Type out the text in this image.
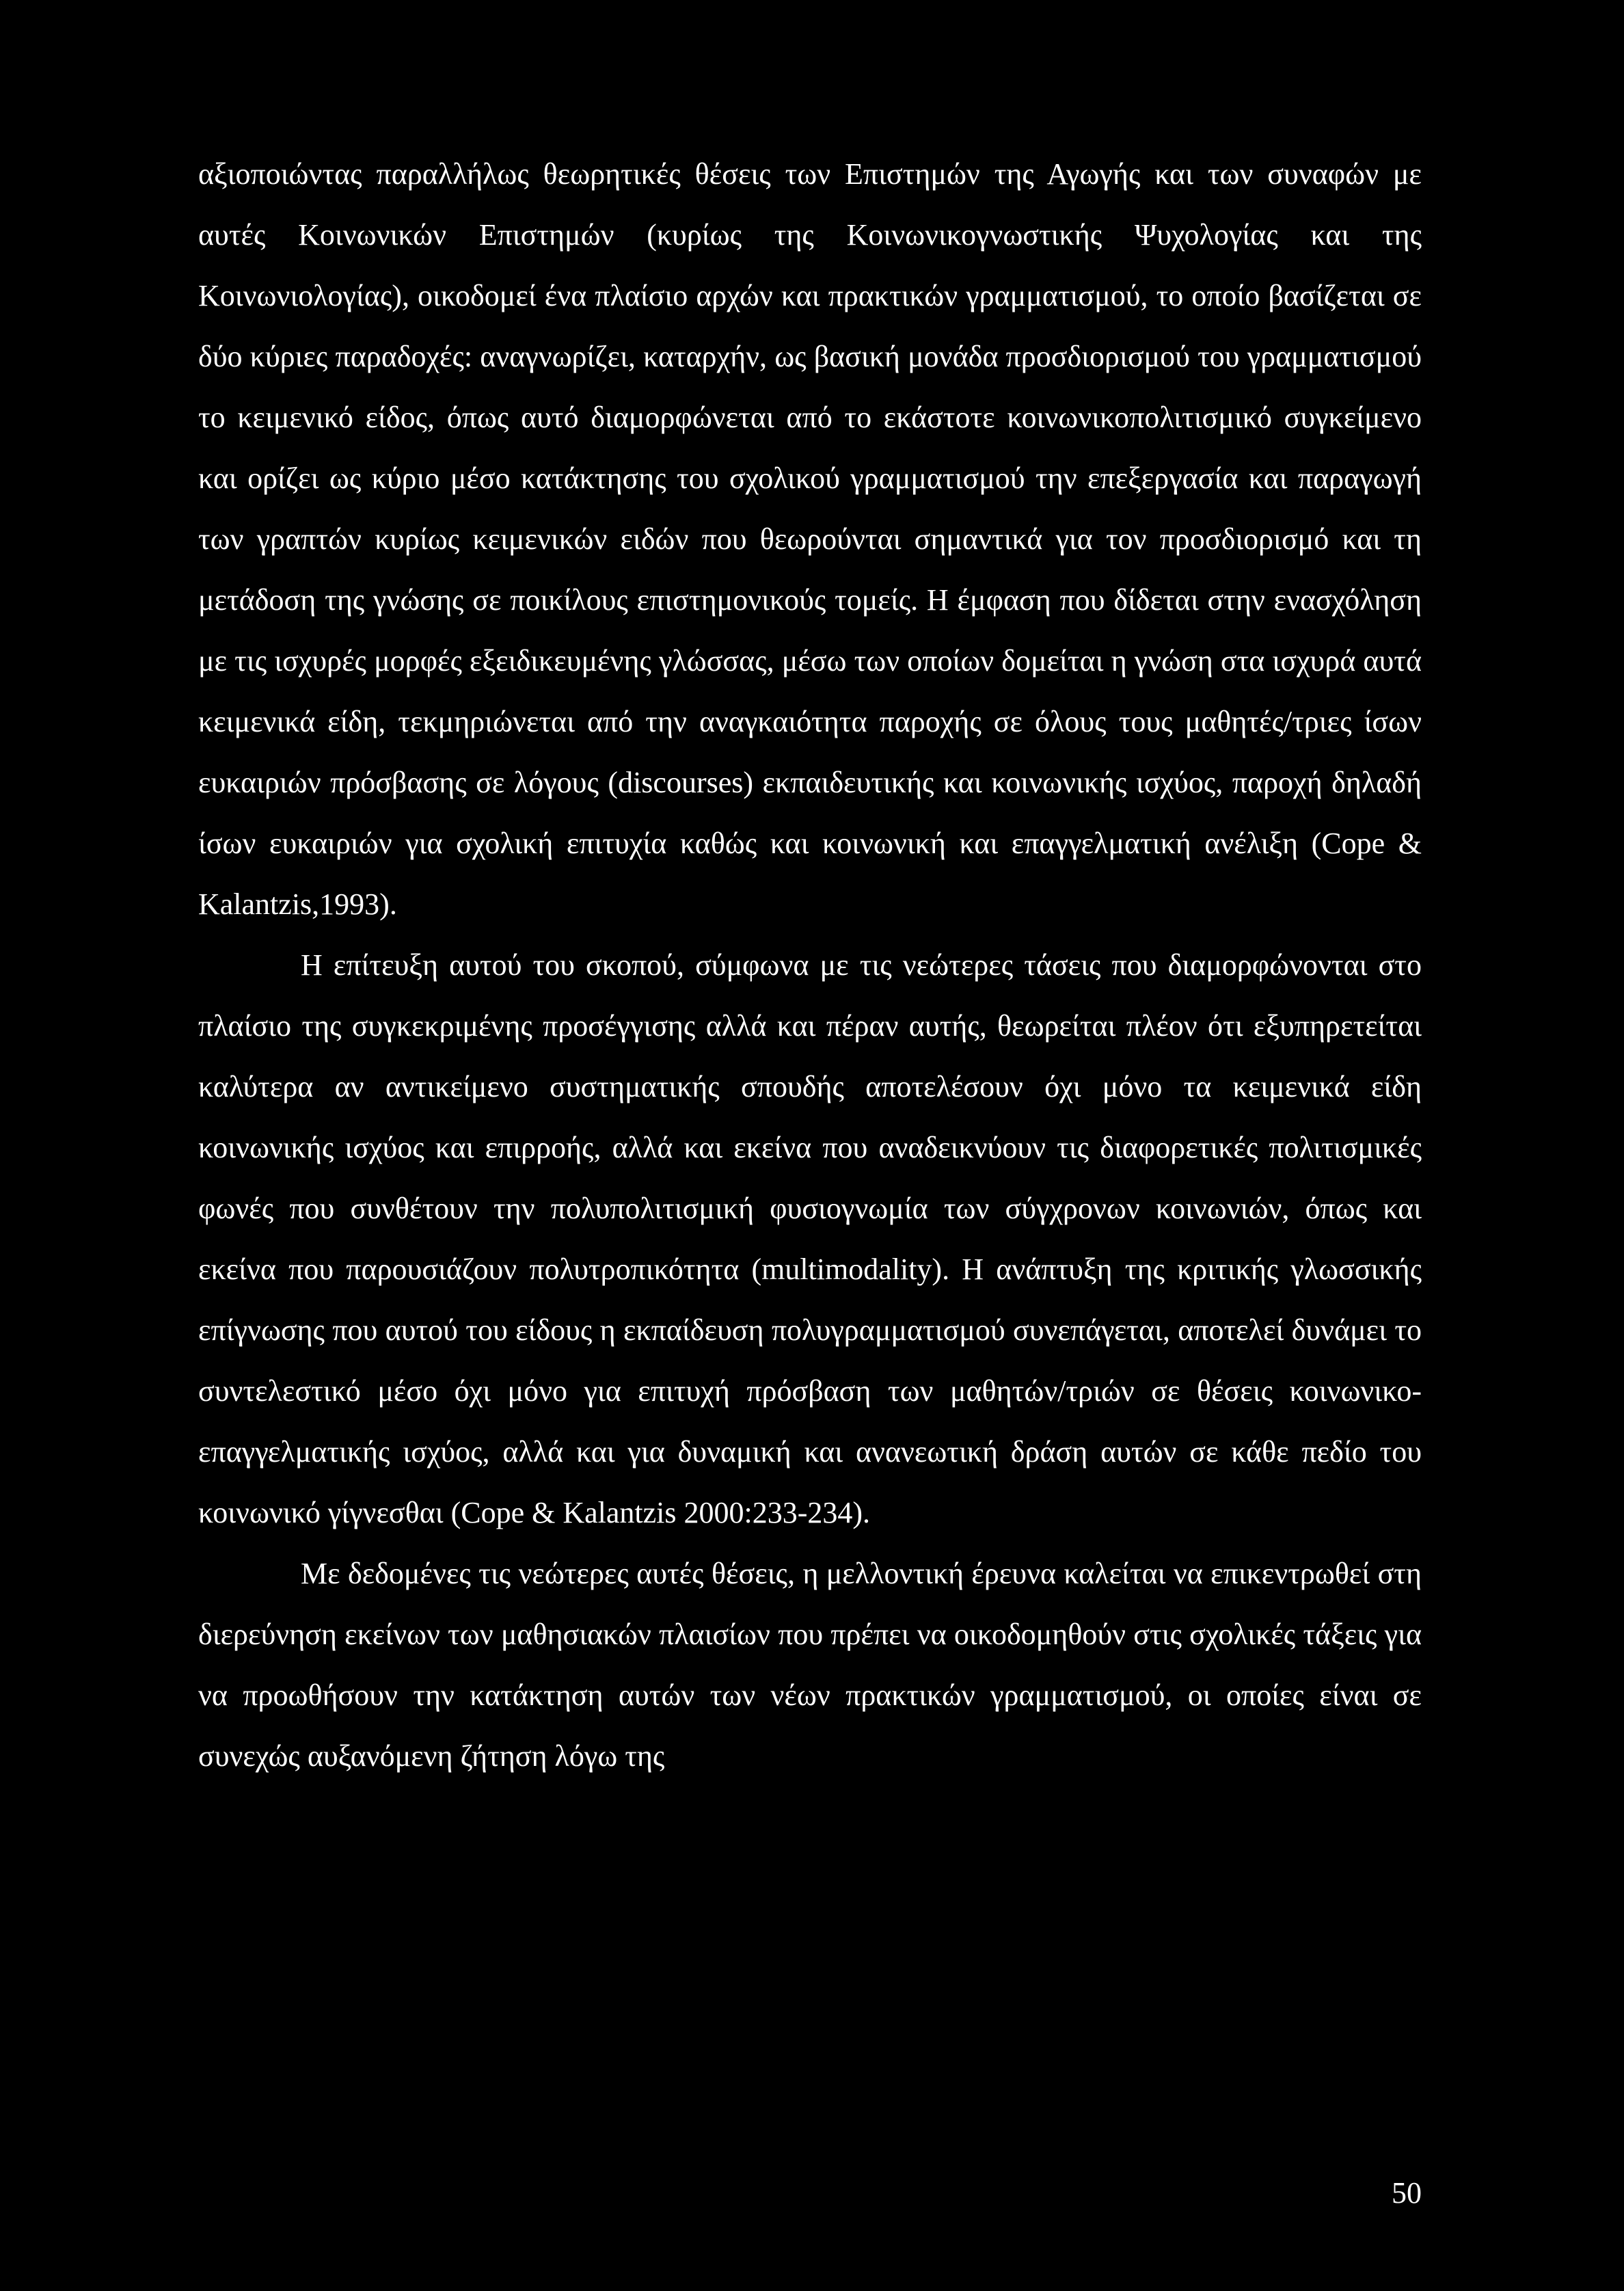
αξιοποιώντας παραλλήλως θεωρητικές θέσεις των Επιστημών της Αγωγής και των συναφών με αυτές Κοινωνικών Επιστημών (κυρίως της Κοινωνικογνωστικής Ψυχολογίας και της Κοινωνιολογίας), οικοδομεί ένα πλαίσιο αρχών και πρακτικών γραμματισμού, το οποίο βασίζεται σε δύο κύριες παραδοχές: αναγνωρίζει, καταρχήν, ως βασική μονάδα προσδιορισμού του γραμματισμού το κειμενικό είδος, όπως αυτό διαμορφώνεται από το εκάστοτε κοινωνικοπολιτισμικό συγκείμενο και ορίζει ως κύριο μέσο κατάκτησης του σχολικού γραμματισμού την επεξεργασία και παραγωγή των γραπτών κυρίως κειμενικών ειδών που θεωρούνται σημαντικά για τον προσδιορισμό και τη μετάδοση της γνώσης σε ποικίλους επιστημονικούς τομείς. Η έμφαση που δίδεται στην ενασχόληση με τις ισχυρές μορφές εξειδικευμένης γλώσσας, μέσω των οποίων δομείται η γνώση στα ισχυρά αυτά κειμενικά είδη, τεκμηριώνεται από την αναγκαιότητα παροχής σε όλους τους μαθητές/τριες ίσων ευκαιριών πρόσβασης σε λόγους (discourses) εκπαιδευτικής και κοινωνικής ισχύος, παροχή δηλαδή ίσων ευκαιριών για σχολική επιτυχία καθώς και κοινωνική και επαγγελματική ανέλιξη (Cope & Kalantzis,1993).

Η επίτευξη αυτού του σκοπού, σύμφωνα με τις νεώτερες τάσεις που διαμορφώνονται στο πλαίσιο της συγκεκριμένης προσέγγισης αλλά και πέραν αυτής, θεωρείται πλέον ότι εξυπηρετείται καλύτερα αν αντικείμενο συστηματικής σπουδής αποτελέσουν όχι μόνο τα κειμενικά είδη κοινωνικής ισχύος και επιρροής, αλλά και εκείνα που αναδεικνύουν τις διαφορετικές πολιτισμικές φωνές που συνθέτουν την πολυπολιτισμική φυσιογνωμία των σύγχρονων κοινωνιών, όπως και εκείνα που παρουσιάζουν πολυτροπικότητα (multimodality). Η ανάπτυξη της κριτικής γλωσσικής επίγνωσης που αυτού του είδους η εκπαίδευση πολυγραμματισμού συνεπάγεται, αποτελεί δυνάμει το συντελεστικό μέσο όχι μόνο για επιτυχή πρόσβαση των μαθητών/τριών σε θέσεις κοινωνικο-επαγγελματικής ισχύος, αλλά και για δυναμική και ανανεωτική δράση αυτών σε κάθε πεδίο του κοινωνικό γίγνεσθαι (Cope & Kalantzis 2000:233-234).

Με δεδομένες τις νεώτερες αυτές θέσεις, η μελλοντική έρευνα καλείται να επικεντρωθεί στη διερεύνηση εκείνων των μαθησιακών πλαισίων που πρέπει να οικοδομηθούν στις σχολικές τάξεις για να προωθήσουν την κατάκτηση αυτών των νέων πρακτικών γραμματισμού, οι οποίες είναι σε συνεχώς αυξανόμενη ζήτηση λόγω της

50
